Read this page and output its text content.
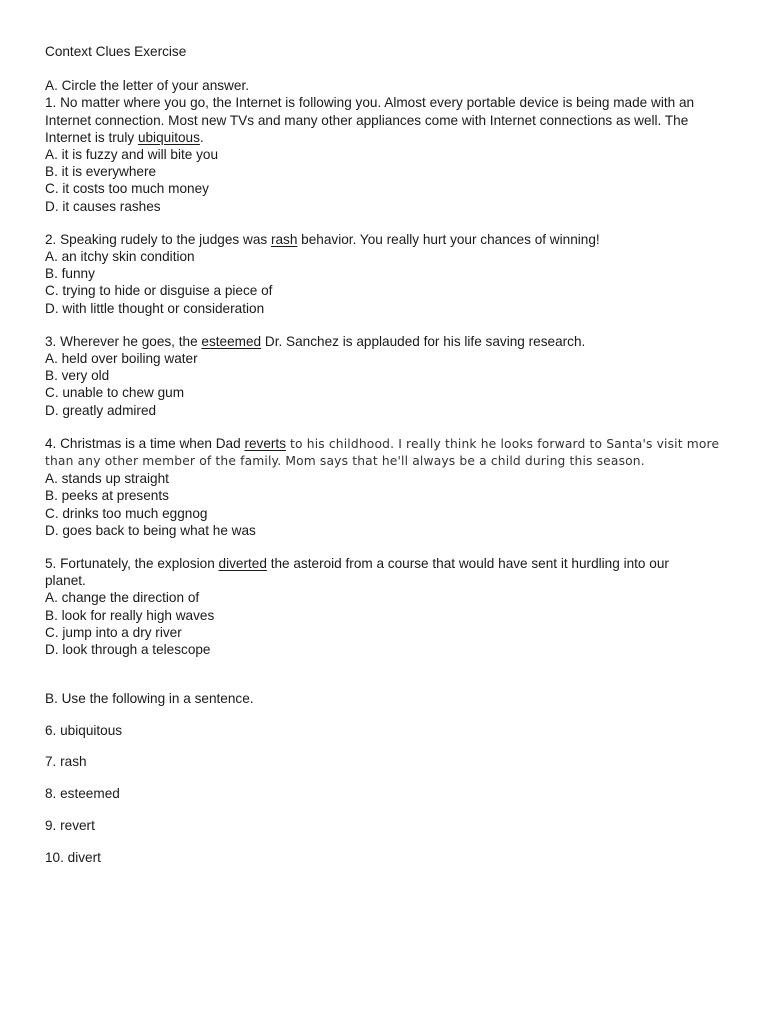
Context Clues Exercise
A. Circle the letter of your answer.
1. No matter where you go, the Internet is following you. Almost every portable device is being made with an Internet connection. Most new TVs and many other appliances come with Internet connections as well. The Internet is truly ubiquitous.
A. it is fuzzy and will bite you
B. it is everywhere
C. it costs too much money
D. it causes rashes
2. Speaking rudely to the judges was rash behavior. You really hurt your chances of winning!
A. an itchy skin condition
B. funny
C. trying to hide or disguise a piece of
D. with little thought or consideration
3. Wherever he goes, the esteemed Dr. Sanchez is applauded for his life saving research.
A. held over boiling water
B. very old
C. unable to chew gum
D. greatly admired
4. Christmas is a time when Dad reverts to his childhood. I really think he looks forward to Santa's visit more
than any other member of the family. Mom says that he'll always be a child during this season.
A. stands up straight
B. peeks at presents
C. drinks too much eggnog
D. goes back to being what he was
5. Fortunately, the explosion diverted the asteroid from a course that would have sent it hurdling into our
planet.
A. change the direction of
B. look for really high waves
C. jump into a dry river
D. look through a telescope
B. Use the following in a sentence.
6. ubiquitous
7. rash
8. esteemed
9. revert
10. divert
